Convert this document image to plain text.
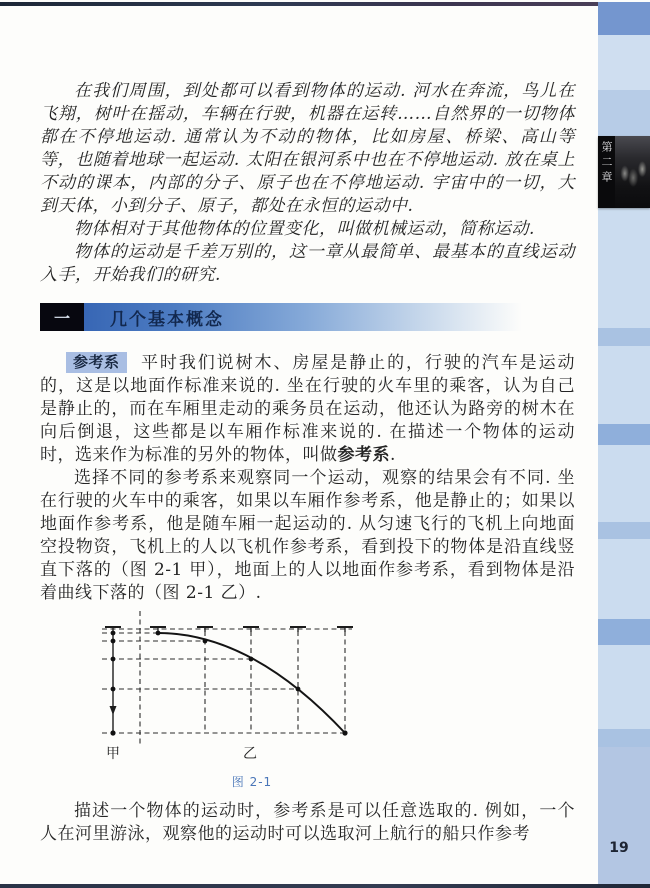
第二章
19

在我们周围，到处都可以看到物体的运动. 河水在奔流，鸟儿在飞翔，树叶在摇动，车辆在行驶，机器在运转……自然界的一切物体都在不停地运动. 通常认为不动的物体，比如房屋、桥梁、高山等等，也随着地球一起运动. 太阳在银河系中也在不停地运动. 放在桌上不动的课本，内部的分子、原子也在不停地运动. 宇宙中的一切，大到天体，小到分子、原子，都处在永恒的运动中.

物体相对于其他物体的位置变化，叫做机械运动，简称运动.

物体的运动是千差万别的，这一章从最简单、最基本的直线运动入手，开始我们的研究.

一	几个基本概念

参考系 平时我们说树木、房屋是静止的，行驶的汽车是运动的，这是以地面作标准来说的. 坐在行驶的火车里的乘客，认为自己是静止的，而在车厢里走动的乘务员在运动，他还认为路旁的树木在向后倒退，这些都是以车厢作标准来说的. 在描述一个物体的运动时，选来作为标准的另外的物体，叫做参考系.

选择不同的参考系来观察同一个运动，观察的结果会有不同. 坐在行驶的火车中的乘客，如果以车厢作参考系，他是静止的；如果以地面作参考系，他是随车厢一起运动的. 从匀速飞行的飞机上向地面空投物资，飞机上的人以飞机作参考系，看到投下的物体是沿直线竖直下落的（图 2-1 甲），地面上的人以地面作参考系，看到物体是沿着曲线下落的（图 2-1 乙）.

甲	乙
图 2-1

描述一个物体的运动时，参考系是可以任意选取的. 例如，一个人在河里游泳，观察他的运动时可以选取河上航行的船只作参考
